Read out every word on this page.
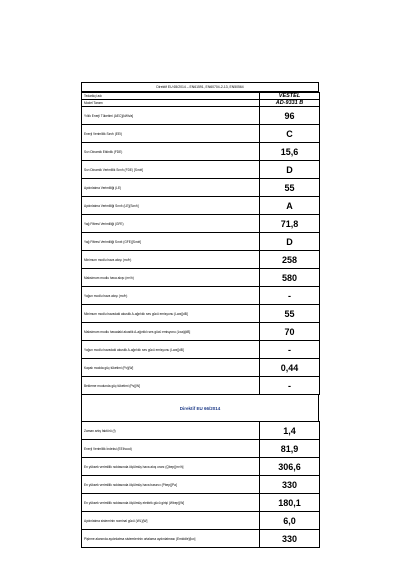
Direktif EU 65/2014 – EN61591, EN60704-2-13, EN50564
Tedarikçi adı	VESTEL
Model Tanımı	AD-9331 B
Yıllık Enerji Tüketimi (AEC)[kWh/a]	96
Enerji Verimlilik Sınıfı (EEI)	C
Sıvı Dinamik Etkinlik (FDE)	15,6
Sıvı Dinamik Verimlilik Sınıfı (FDE) [Sınıfı]	D
Aydınlatma Verimliliği (LE)	55
Aydınlatma Verimliliği Sınıfı (LE)[Sınıfı]	A
Yağ Filtresi Verimliliği (GFE)	71,8
Yağ Filtresi Verimliliği Sınıfı (GFE)[Sınıfı]	D
Minimum modlu hava akışı (m³/h)	258
Maksimum modlu hava akışı (m³/h)	580
Yoğun modlu hava akışı (m³/h)	-
Minimum modlu havadaki akustik A-ağırlıklı ses gücü emisyonu (Lwa)[dB]	55
Maksimum modlu havadaki akustik A-ağırlıklı ses gücü emisyonu (Lwa)[dB]	70
Yoğun modlu havadaki akustik A-ağırlıklı ses gücü emisyonu (Lwa)[dB]	-
Kapalı modda güç tüketimi (Po)[W]	0,44
Bekleme modunda güç tüketimi (Ps)[W]	-
Direktif EU 66/2014
Zaman artış faktörü (f)	1,4
Enerji Verimlilik İndeksi (EEIhood)	81,9
En yüksek verimlilik noktasında ölçülmüş hava akış oranı (Qbep)[m³/h]	306,6
En yüksek verimlilik noktasında ölçülmüş hava basıncı (Pbep)[Pa]	330
En yüksek verimlilik noktasında ölçülmüş elektrik gücü girişi (Wbep)[W]	180,1
Aydınlatma sisteminin nominal gücü (WL)[W]	6,0
Pişirme alanında aydınlatma sistemlerinin ortalama aydınlatması (Emiddle)[lux]	330
